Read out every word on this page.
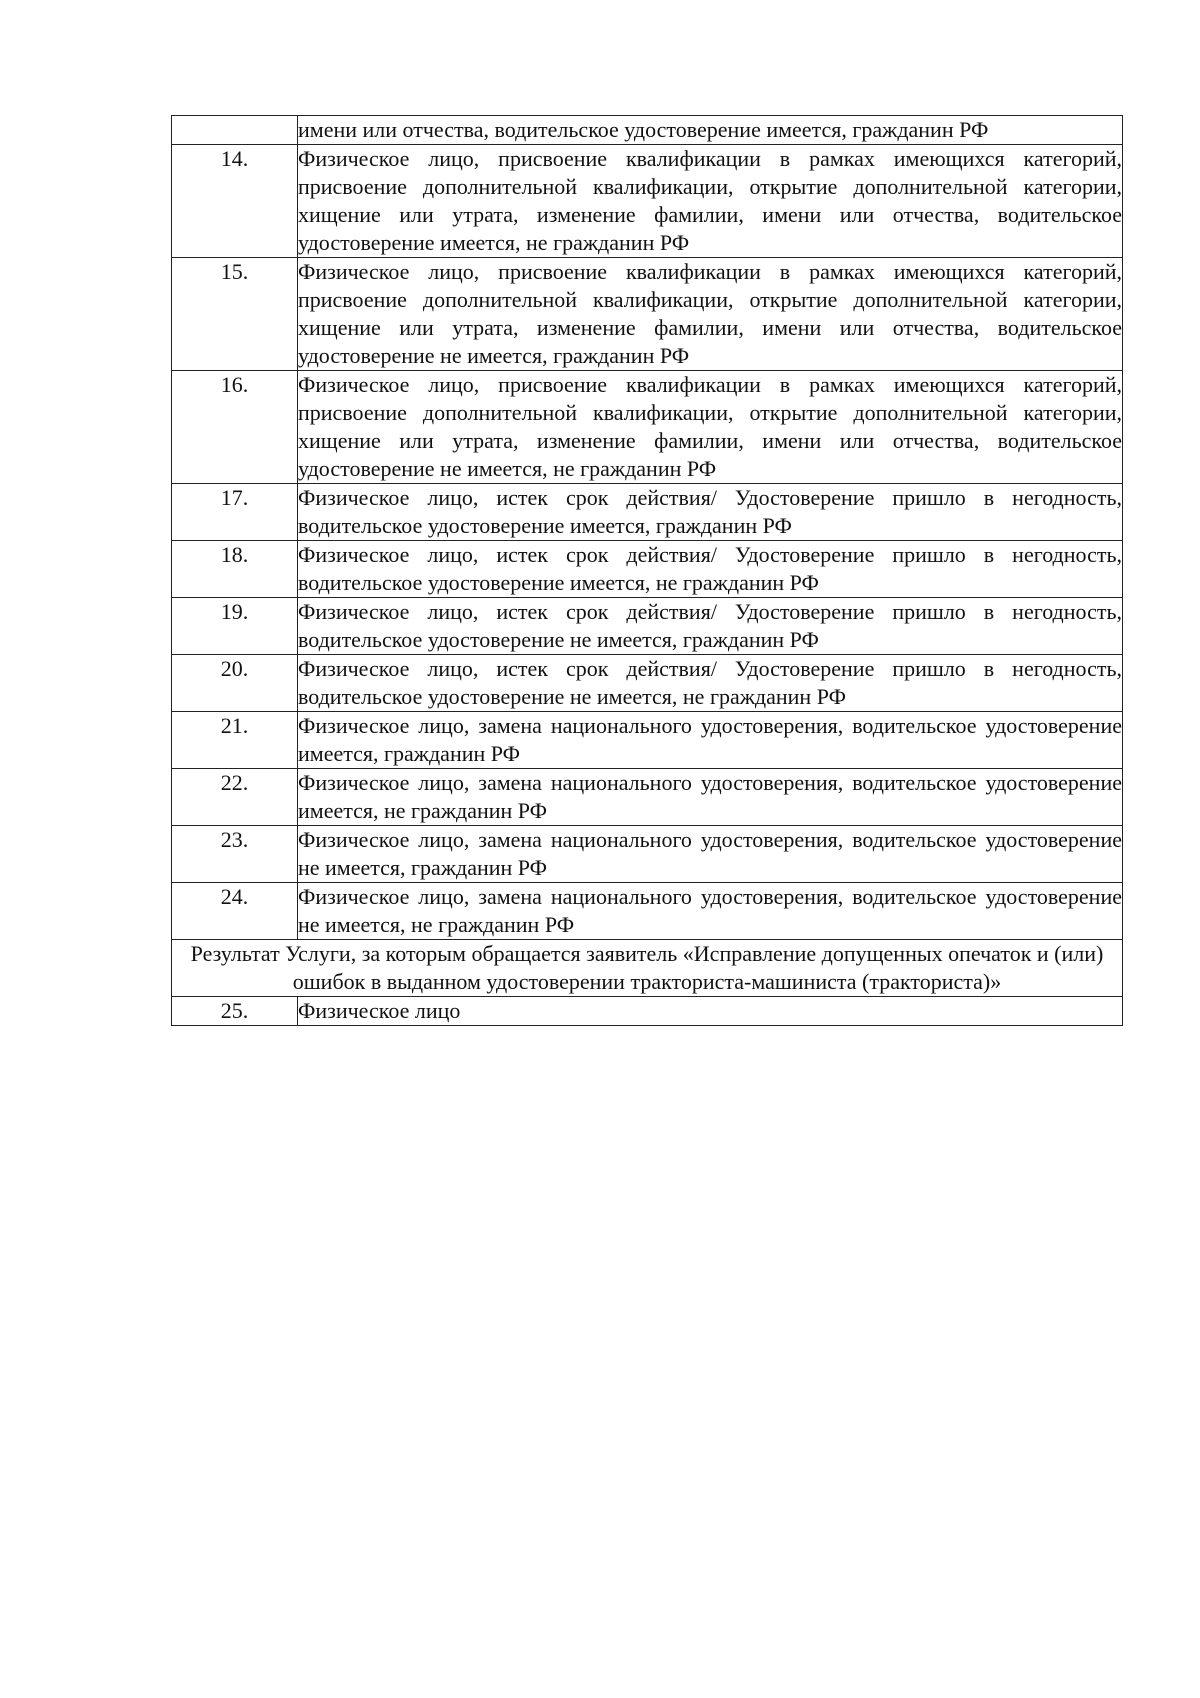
	имени или отчества, водительское удостоверение имеется, гражданин РФ
14.	Физическое лицо, присвоение квалификации в рамках имеющихся категорий, присвоение дополнительной квалификации, открытие дополнительной категории, хищение или утрата, изменение фамилии, имени или отчества, водительское удостоверение имеется, не гражданин РФ
15.	Физическое лицо, присвоение квалификации в рамках имеющихся категорий, присвоение дополнительной квалификации, открытие дополнительной категории, хищение или утрата, изменение фамилии, имени или отчества, водительское удостоверение не имеется, гражданин РФ
16.	Физическое лицо, присвоение квалификации в рамках имеющихся категорий, присвоение дополнительной квалификации, открытие дополнительной категории, хищение или утрата, изменение фамилии, имени или отчества, водительское удостоверение не имеется, не гражданин РФ
17.	Физическое лицо, истек срок действия/ Удостоверение пришло в негодность, водительское удостоверение имеется, гражданин РФ
18.	Физическое лицо, истек срок действия/ Удостоверение пришло в негодность, водительское удостоверение имеется, не гражданин РФ
19.	Физическое лицо, истек срок действия/ Удостоверение пришло в негодность, водительское удостоверение не имеется, гражданин РФ
20.	Физическое лицо, истек срок действия/ Удостоверение пришло в негодность, водительское удостоверение не имеется, не гражданин РФ
21.	Физическое лицо, замена национального удостоверения, водительское удостоверение имеется, гражданин РФ
22.	Физическое лицо, замена национального удостоверения, водительское удостоверение имеется, не гражданин РФ
23.	Физическое лицо, замена национального удостоверения, водительское удостоверение не имеется, гражданин РФ
24.	Физическое лицо, замена национального удостоверения, водительское удостоверение не имеется, не гражданин РФ
Результат Услуги, за которым обращается заявитель «Исправление допущенных опечаток и (или) ошибок в выданном удостоверении тракториста-машиниста (тракториста)»	
25.	Физическое лицо
